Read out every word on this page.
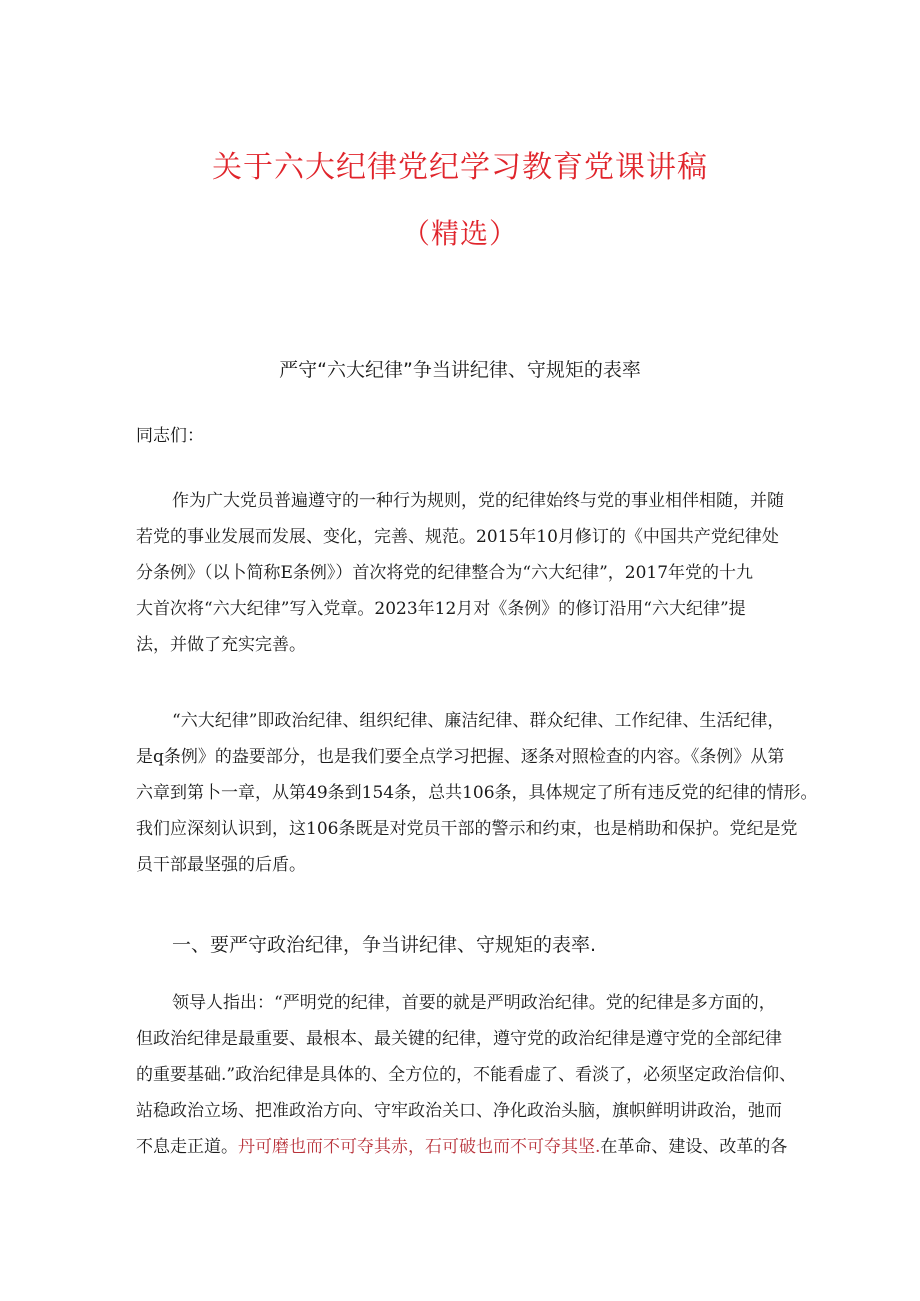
关于六大纪律党纪学习教育党课讲稿
（精选）
严守“六大纪律”争当讲纪律、守规矩的表率
同志们：
作为广大党员普遍遵守的一种行为规则，党的纪律始终与党的事业相伴相随，并随
若党的事业发展而发展、变化，完善、规范。2015年10月修订的《中国共产党纪律处
分条例》（以卜简称E条例》）首次将党的纪律整合为“六大纪律”，2017年党的十九
大首次将“六大纪律”写入党章。2023年12月对《条例》的修订沿用“六大纪律”提
法，并做了充实完善。
“六大纪律”即政治纪律、组织纪律、廉洁纪律、群众纪律、工作纪律、生活纪律，
是q条例》的盎要部分，也是我们要全点学习把握、逐条对照检查的内容。《条例》从第
六章到第卜一章，从第49条到154条，总共106条，具体规定了所有违反党的纪律的情形。
我们应深刻认识到，这106条既是对党员干部的警示和约束，也是梢助和保护。党纪是党
员干部最坚强的后盾。
一、要严守政治纪律，争当讲纪律、守规矩的表率.
领导人指出：“严明党的纪律，首要的就是严明政治纪律。党的纪律是多方面的，
但政治纪律是最重要、最根本、最关键的纪律，遵守党的政治纪律是遵守党的全部纪律
的重要基础.”政治纪律是具体的、全方位的，不能看虚了、看淡了，必须坚定政治信仰、
站稳政治立场、把准政治方向、守牢政治关口、净化政治头脑，旗帜鲜明讲政治，弛而
不息走正道。丹可磨也而不可夺其赤，石可破也而不可夺其坚.在革命、建设、改革的各
